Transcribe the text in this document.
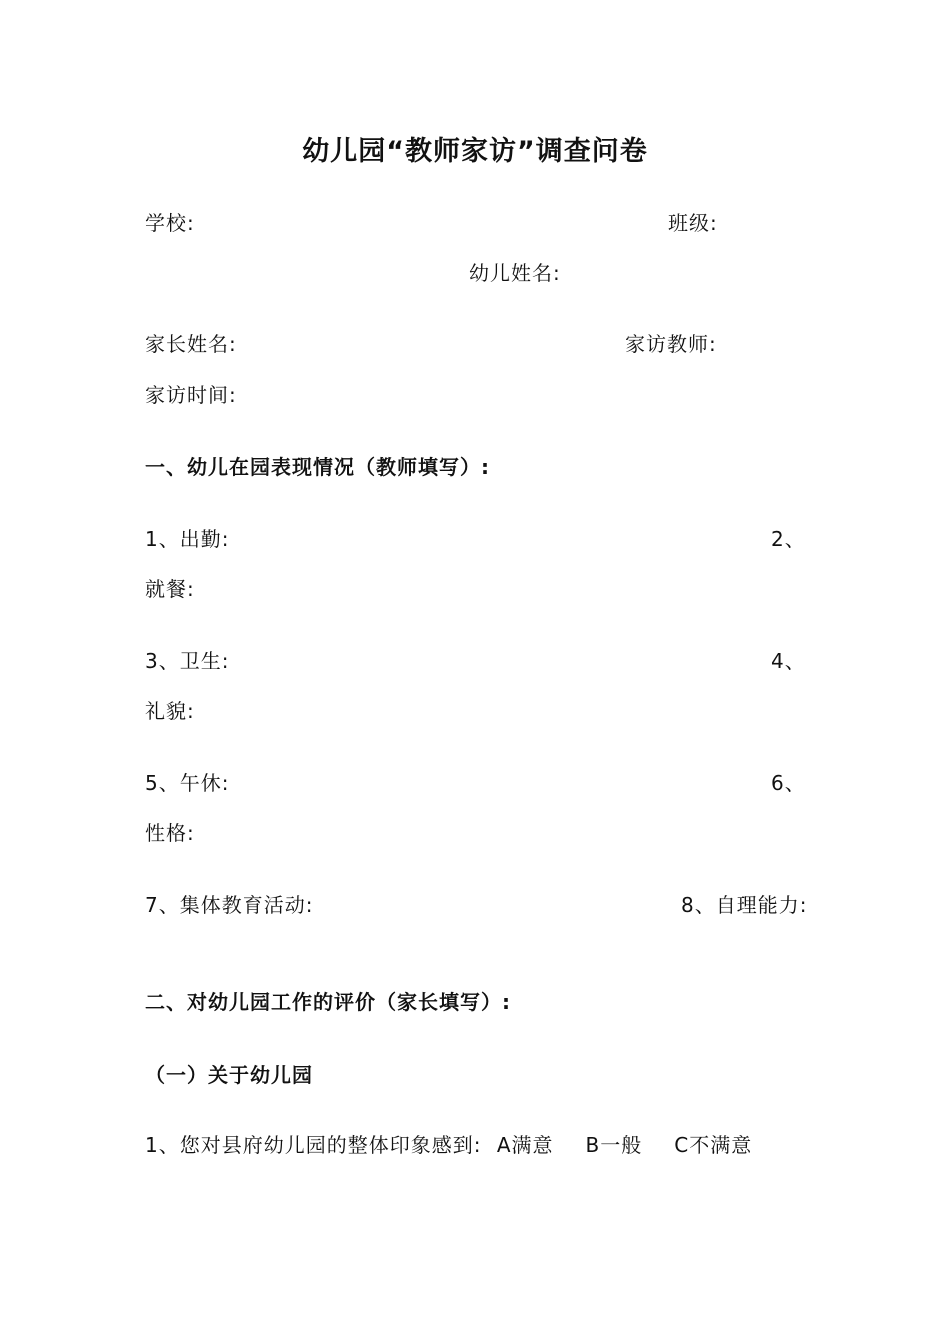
幼儿园“教师家访”调查问卷
学校:	班级:
幼儿姓名:
家长姓名:	家访教师:
家访时间:
一、幼儿在园表现情况（教师填写）:
1、出勤:	2、
就餐:
3、卫生:	4、
礼貌:
5、午休:	6、
性格:
7、集体教育活动:	8、自理能力:
二、对幼儿园工作的评价（家长填写）:
（一）关于幼儿园
1、您对县府幼儿园的整体印象感到: A满意 B一般 C不满意
